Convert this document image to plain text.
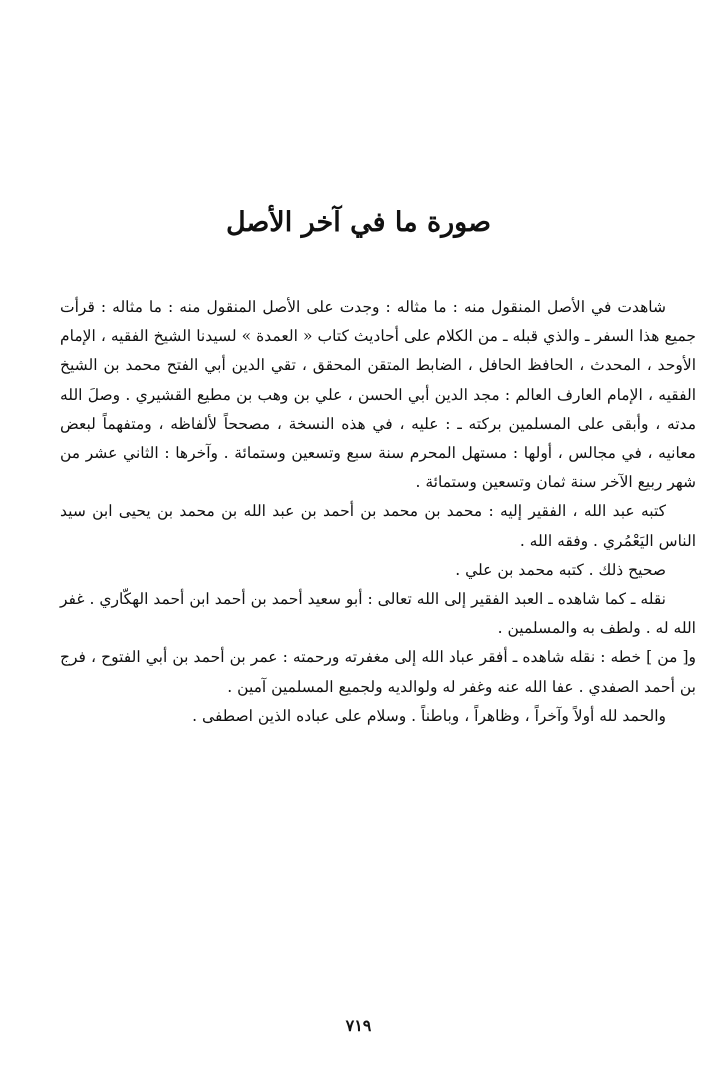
صورة ما في آخر الأصل

شاهدت في الأصل المنقول منه : ما مثاله : وجدت على الأصل المنقول منه : ما مثاله : قرأت جميع هذا السفر ـ والذي قبله ـ من الكلام على أحاديث كتاب « العمدة » لسيدنا الشيخ الفقيه ، الإمام الأوحد ، المحدث ، الحافظ الحافل ، الضابط المتقن المحقق ، تقي الدين أبي الفتح محمد بن الشيخ الفقيه ، الإمام العارف العالم : مجد الدين أبي الحسن ، علي بن وهب بن مطيع القشيري . وصلَ الله مدته ، وأبقى على المسلمين بركته ـ : عليه ، في هذه النسخة ، مصححاً لألفاظه ، ومتفهماً لبعض معانيه ، في مجالس ، أولها : مستهل المحرم سنة سبع وتسعين وستمائة . وآخرها : الثاني عشر من شهر ربيع الآخر سنة ثمان وتسعين وستمائة .

كتبه عبد الله ، الفقير إليه : محمد بن محمد بن أحمد بن عبد الله بن محمد بن يحيى ابن سيد الناس اليَعْمُري . وفقه الله .

صحيح ذلك . كتبه محمد بن علي .

نقله ـ كما شاهده ـ العبد الفقير إلى الله تعالى : أبو سعيد أحمد بن أحمد ابن أحمد الهكّاري . غفر الله له . ولطف به والمسلمين .

و[ من ] خطه : نقله شاهده ـ أفقر عباد الله إلى مغفرته ورحمته : عمر بن أحمد بن أبي الفتوح ، فرج بن أحمد الصفدي . عفا الله عنه وغفر له ولوالديه ولجميع المسلمين آمين .

والحمد لله أولاً وآخراً ، وظاهراً ، وباطناً . وسلام على عباده الذين اصطفى .

٧١٩
